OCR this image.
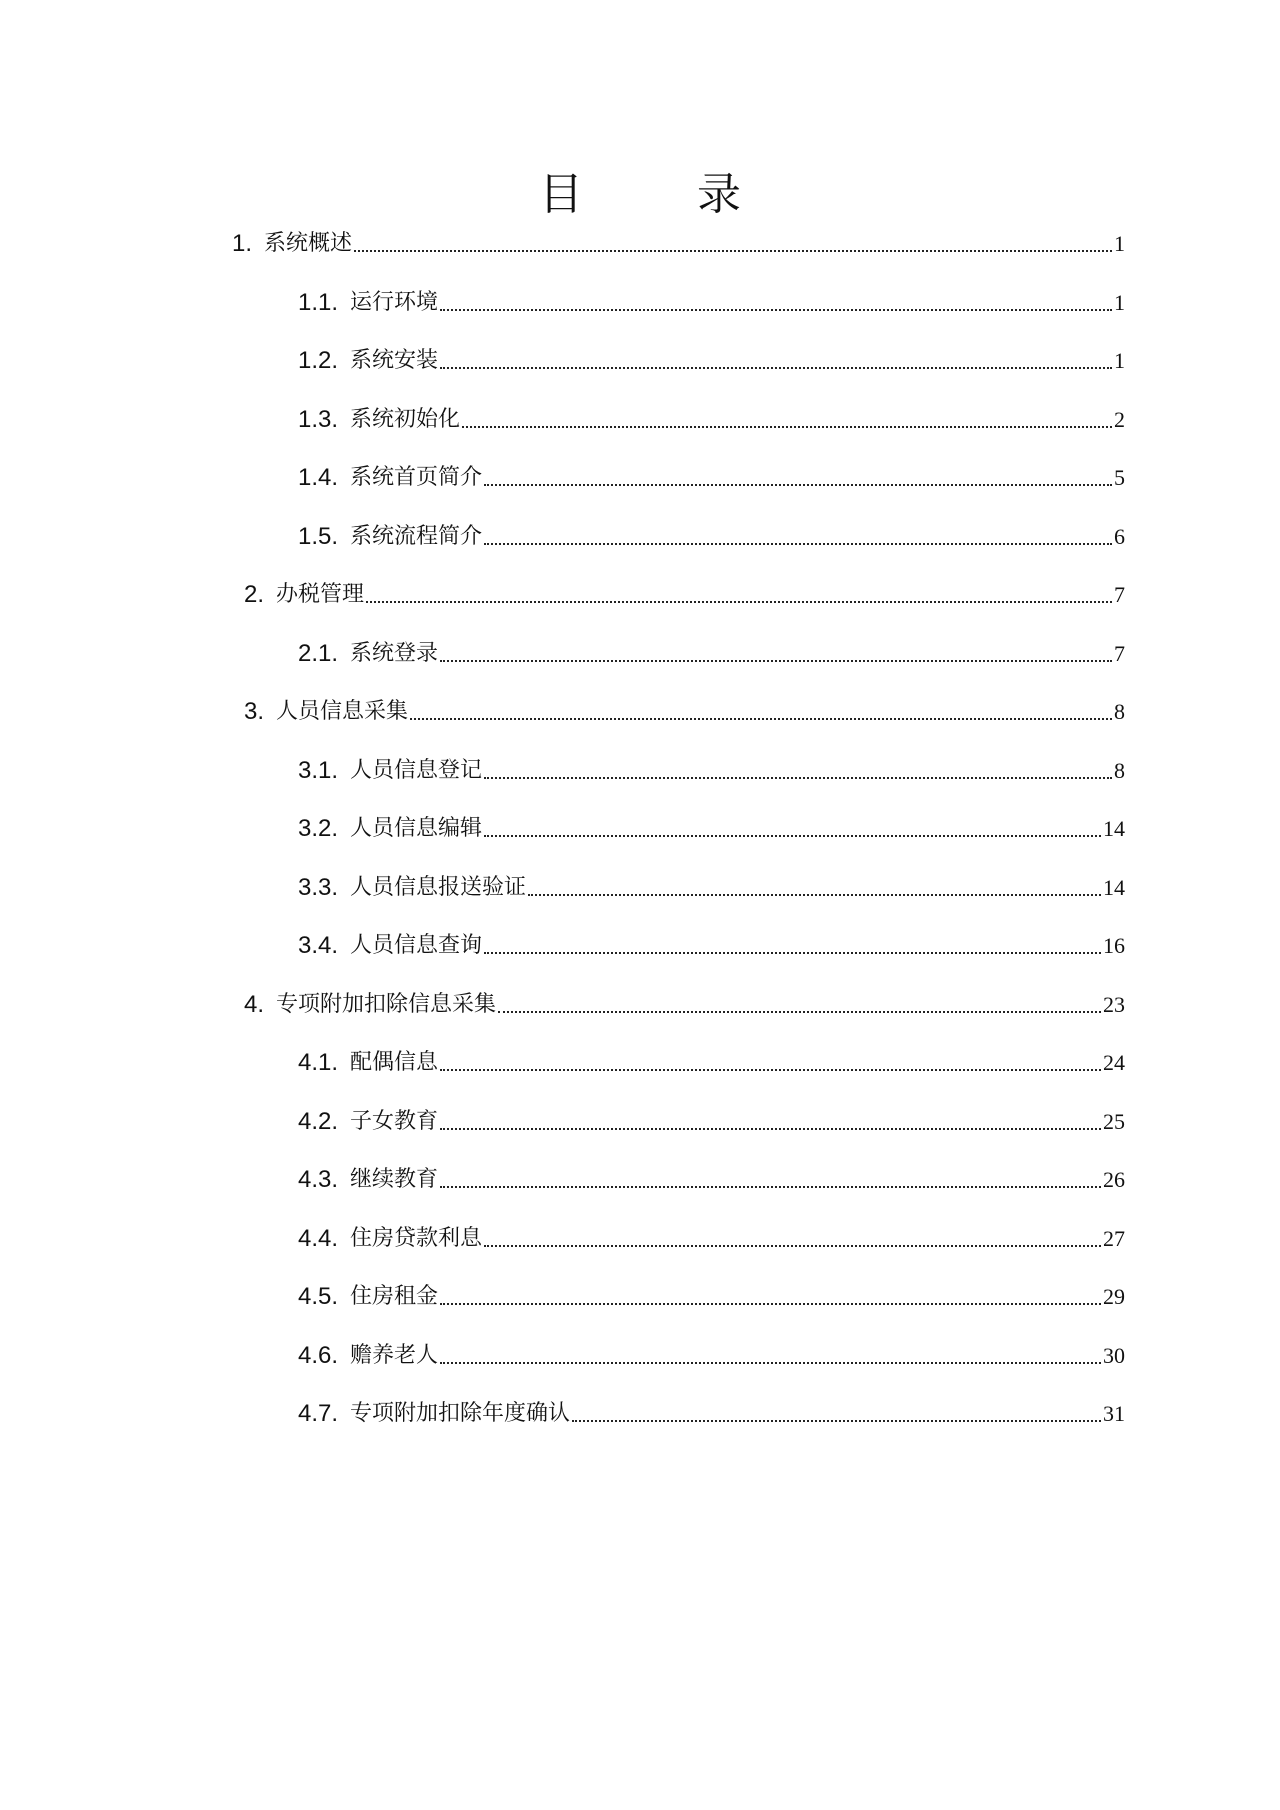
目 录
1. 系统概述	1
1.1. 运行环境	1
1.2. 系统安装	1
1.3. 系统初始化	2
1.4. 系统首页简介	5
1.5. 系统流程简介	6
2. 办税管理	7
2.1. 系统登录	7
3. 人员信息采集	8
3.1. 人员信息登记	8
3.2. 人员信息编辑	14
3.3. 人员信息报送验证	14
3.4. 人员信息查询	16
4. 专项附加扣除信息采集	23
4.1. 配偶信息	24
4.2. 子女教育	25
4.3. 继续教育	26
4.4. 住房贷款利息	27
4.5. 住房租金	29
4.6. 赡养老人	30
4.7. 专项附加扣除年度确认	31
